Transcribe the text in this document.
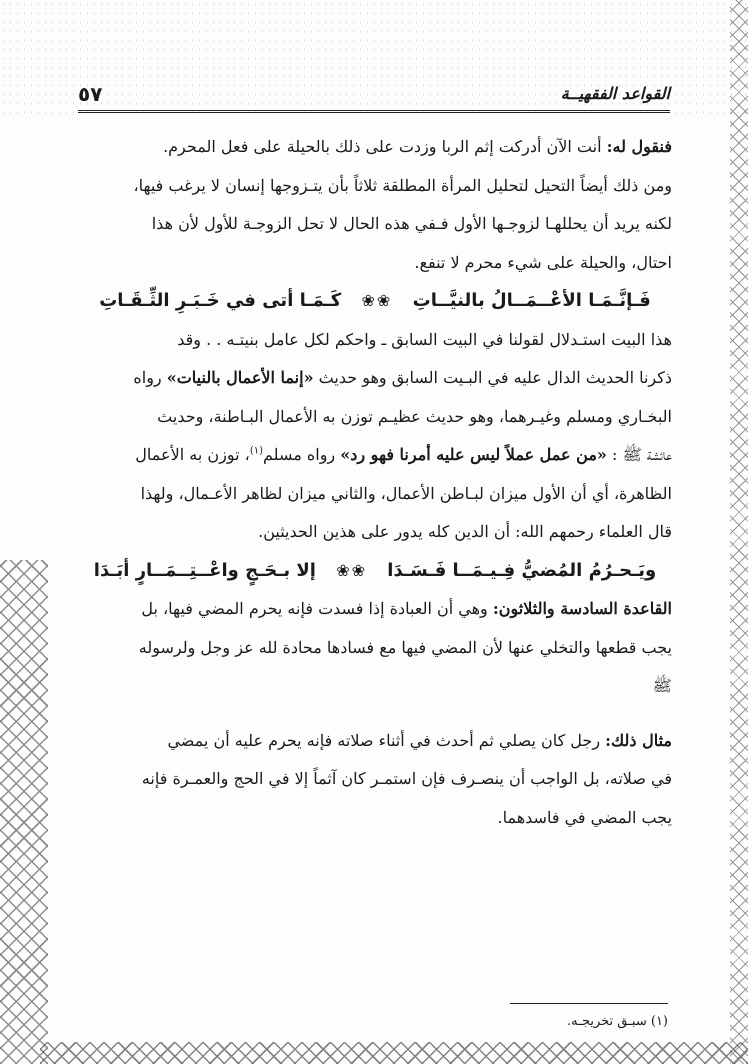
القواعد الفقهيــة
٥٧

فنقول له: أنت الآن أدركت إثم الربا وزدت على ذلك بالحيلة على فعل المحرم.
ومن ذلك أيضاً التحيل لتحليل المرأة المطلقة ثلاثاً بأن يتـزوجها إنسان لا يرغب فيها،
لكنه يريد أن يحللهـا لزوجـها الأول فـفي هذه الحال لا تحل الزوجـة للأول لأن هذا
احتال، والحيلة على شيء محرم لا تنفع.

فَـإنَّـمَـا الأعْــمَــالُ بالنيَّــاتِ ❀❀ كَـمَـا أتى في خَـبَـرِ الثِّـقَـاتِ

هذا البيت استـدلال لقولنا في البيت السابق ـ واحكم لكل عامل بنيتـه . . وقد
ذكرنا الحديث الدال عليه في البـيت السابق وهو حديث «إنما الأعمال بالنيات» رواه
البخـاري ومسلم وغيـرهما، وهو حديث عظيـم توزن به الأعمال البـاطنة، وحديث
عائشة ﷺ : «من عمل عملاً ليس عليه أمرنا فهو رد» رواه مسلم$^{(١)}$، توزن به الأعمال
الظاهرة، أي أن الأول ميزان لبـاطن الأعمال، والثاني ميزان لظاهر الأعـمال، ولهذا
قال العلماء رحمهم الله: أن الدين كله يدور على هذين الحديثين.

ويَـحـرُمُ المُضيُّ فِـيـمَــا فَـسَـدَا ❀❀ إلا بـحَـجٍ واعْــتِــمَــارٍ أبَـدَا

القاعدة السادسة والثلاثون: وهي أن العبادة إذا فسدت فإنه يحرم المضي فيها، بل
يجب قطعها والتخلي عنها لأن المضي فيها مع فسادها محادة لله عز وجل ولرسوله
ﷺ

مثال ذلك: رجل كان يصلي ثم أحدث في أثناء صلاته فإنه يحرم عليه أن يمضي
في صلاته، بل الواجب أن ينصـرف فإن استمـر كان آثماً إلا في الحج والعمـرة فإنه
يجب المضي في فاسدهما.

(١) سبـق تخريجـه.
